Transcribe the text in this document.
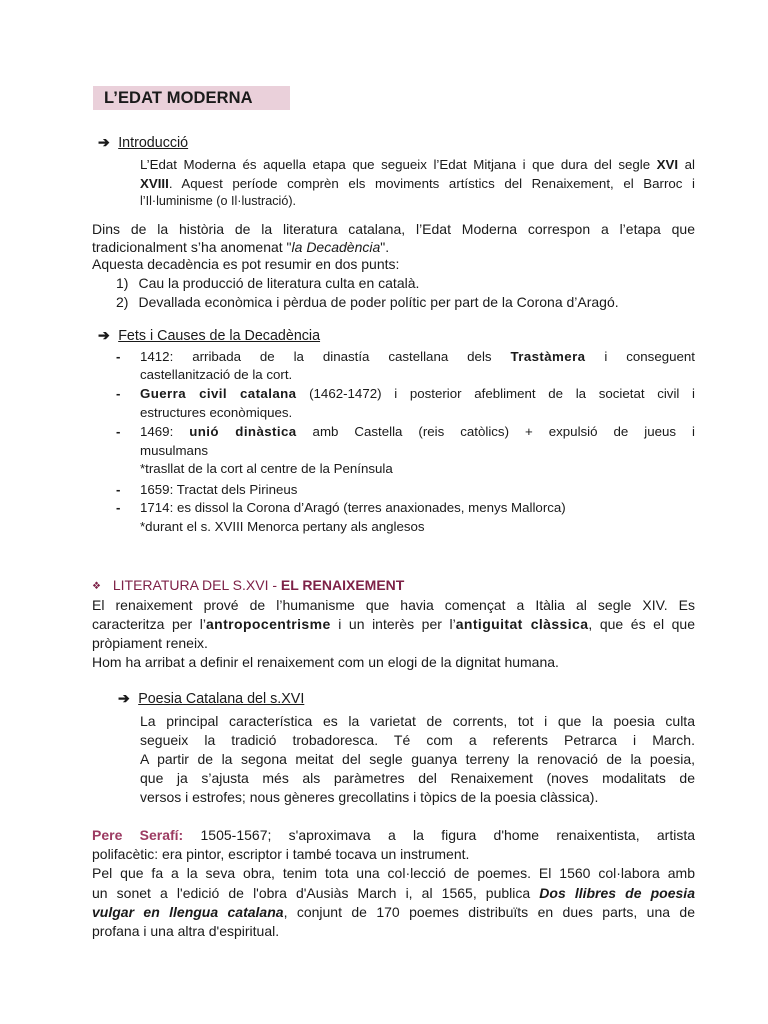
L’EDAT MODERNA
➔ Introducció
L’Edat Moderna és aquella etapa que segueix l’Edat Mitjana i que dura del segle XVI al
XVIII. Aquest període comprèn els moviments artístics del Renaixement, el Barroc i
l’Il·luminisme (o Il·lustració).
Dins de la història de la literatura catalana, l’Edat Moderna correspon a l’etapa que
tradicionalment s’ha anomenat "la Decadència".
Aquesta decadència es pot resumir en dos punts:
1) Cau la producció de literatura culta en català.
2) Devallada econòmica i pèrdua de poder polític per part de la Corona d’Aragó.
➔ Fets i Causes de la Decadència
- 1412: arribada de la dinastía castellana dels Trastàmera i conseguent
castellanització de la cort.
- Guerra civil catalana (1462-1472) i posterior afebliment de la societat civil i
estructures econòmiques.
- 1469: unió dinàstica amb Castella (reis catòlics) + expulsió de jueus i
musulmans
*trasllat de la cort al centre de la Península
- 1659: Tractat dels Pirineus
- 1714: es dissol la Corona d’Aragó (terres anaxionades, menys Mallorca)
*durant el s. XVIII Menorca pertany als anglesos
❖ LITERATURA DEL S.XVI - EL RENAIXEMENT
El renaixement prové de l’humanisme que havia començat a Itàlia al segle XIV. Es
caracteritza per l’antropocentrisme i un interès per l’antiguitat clàssica, que és el que
pròpiament reneix.
Hom ha arribat a definir el renaixement com un elogi de la dignitat humana.
➔ Poesia Catalana del s.XVI
La principal característica es la varietat de corrents, tot i que la poesia culta
segueix la tradició trobadoresca. Té com a referents Petrarca i March.
A partir de la segona meitat del segle guanya terreny la renovació de la poesia,
que ja s’ajusta més als paràmetres del Renaixement (noves modalitats de
versos i estrofes; nous gèneres grecollatins i tòpics de la poesia clàssica).
Pere Serafí: 1505-1567; s'aproximava a la figura d'home renaixentista, artista
polifacètic: era pintor, escriptor i també tocava un instrument.
Pel que fa a la seva obra, tenim tota una col·lecció de poemes. El 1560 col·labora amb
un sonet a l'edició de l'obra d'Ausiàs March i, al 1565, publica Dos llibres de poesia
vulgar en llengua catalana, conjunt de 170 poemes distribuïts en dues parts, una de
profana i una altra d'espiritual.
